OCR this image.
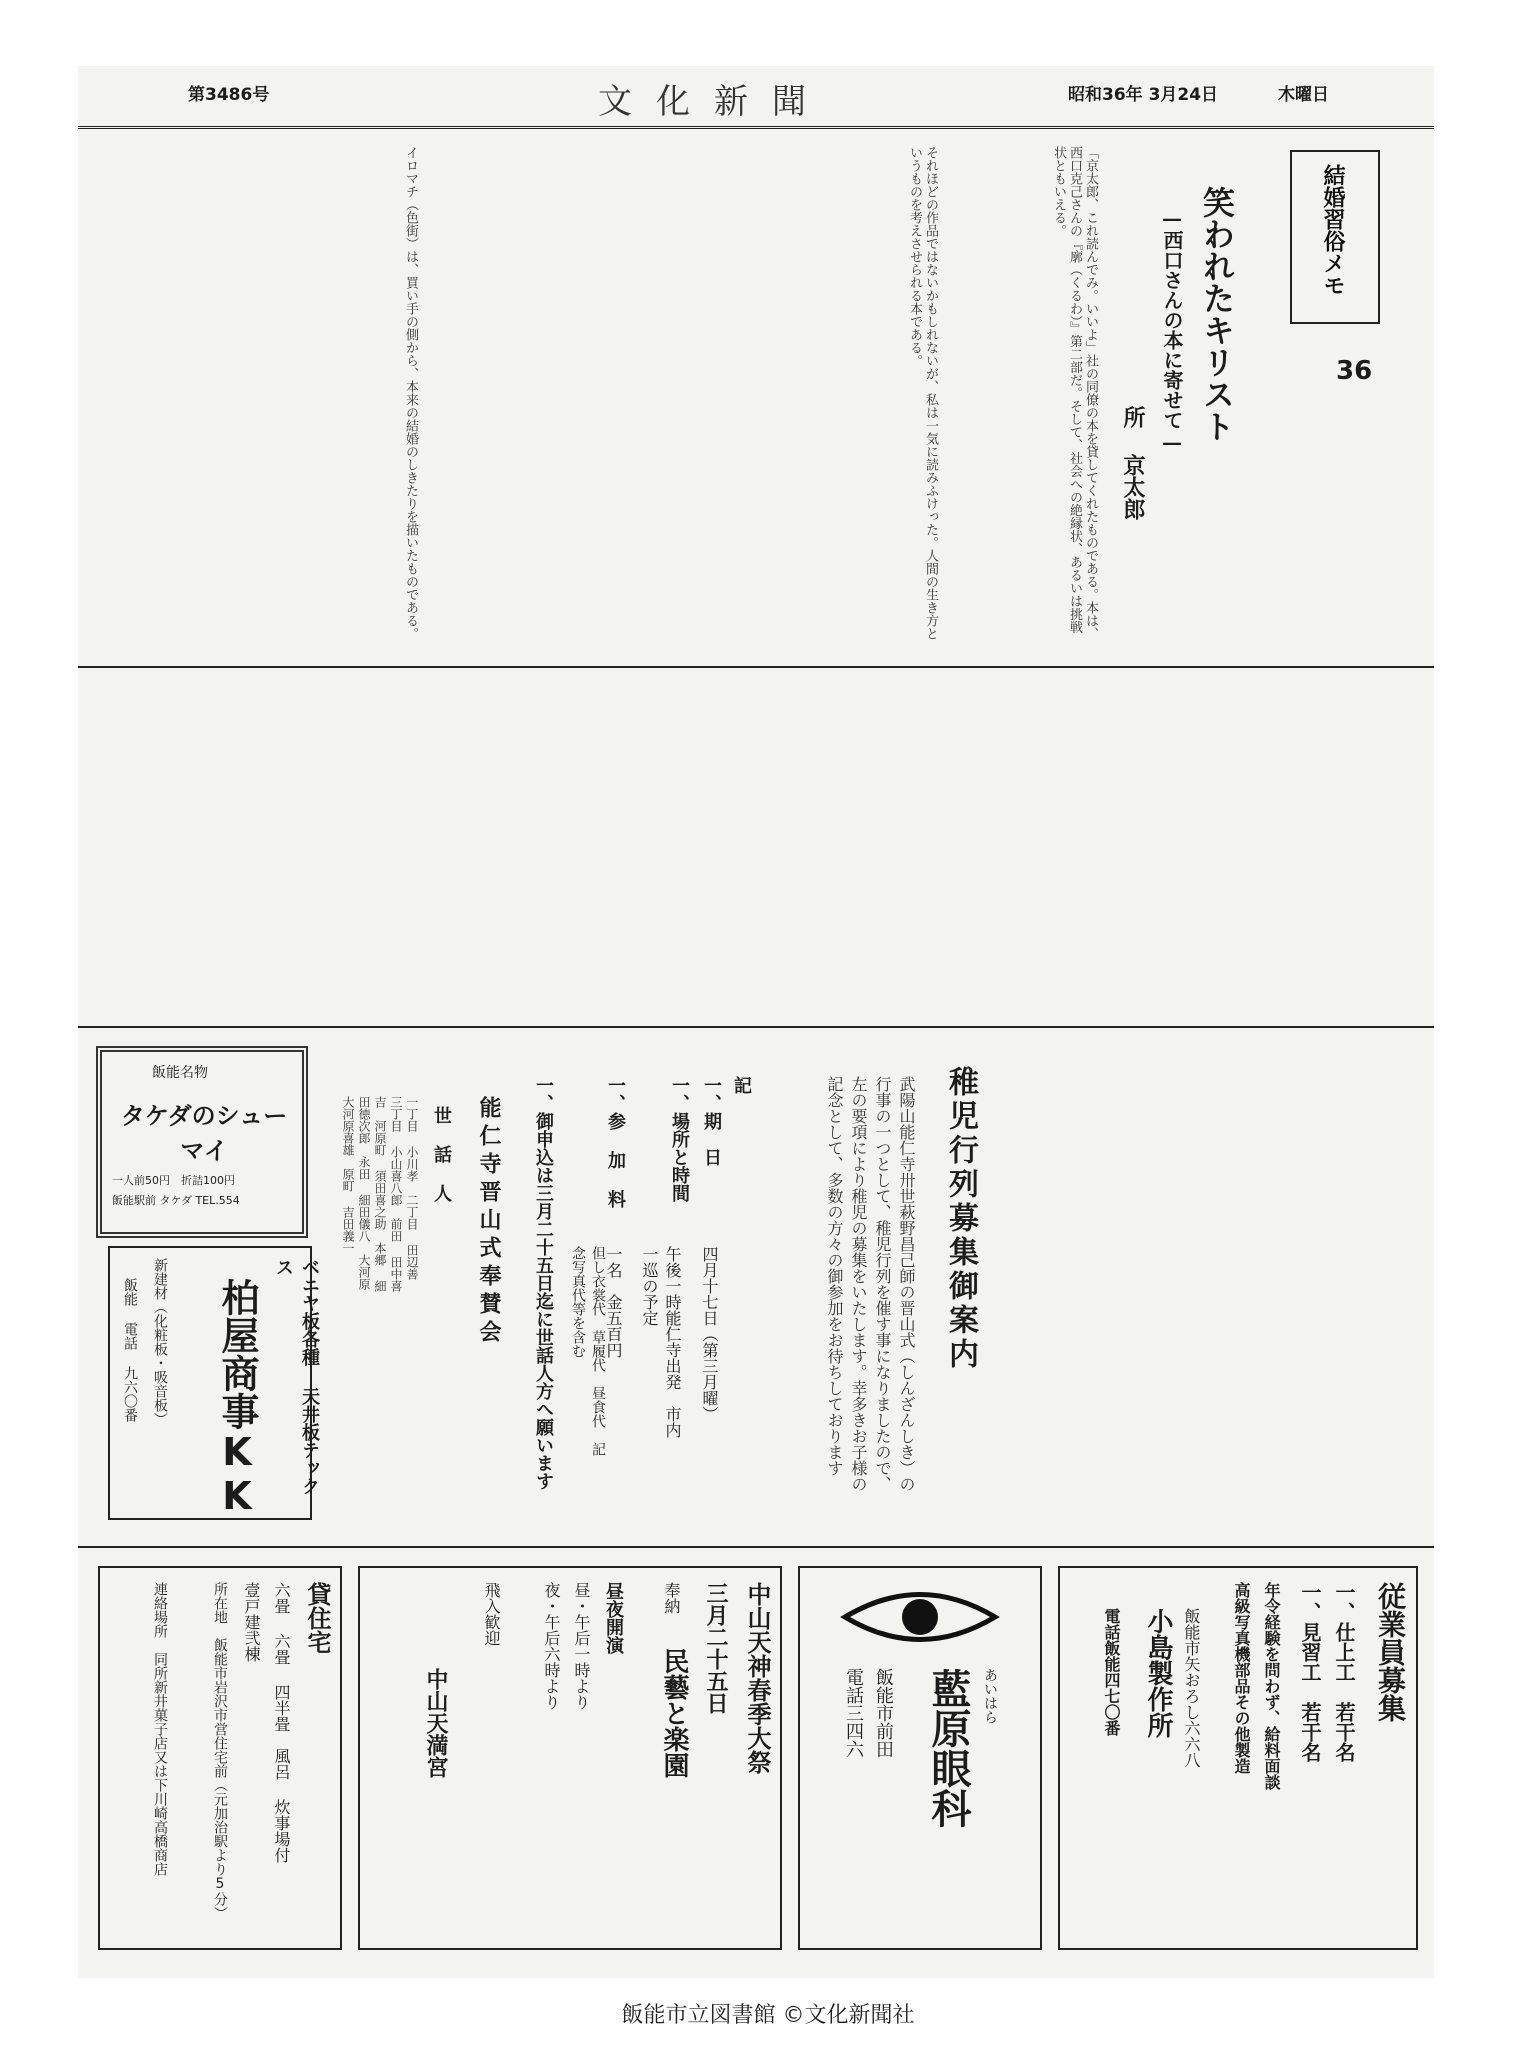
第3486号	文化新聞	昭和36年 3月24日	木曜日
結婚習俗メモ
36
笑われたキリスト
—西口さんの本に寄せて—
所 京太郎
「京太郎、これ読んでみ。いいよ」社の同僚の本を貸してくれたものである。本は、西口克己さんの『廓（くるわ）』第二部だ。そして、社会への絶縁状、あるいは挑戦状ともいえる。
それほどの作品ではないかもしれないが、私は一気に読みふけった。人間の生き方というものを考えさせられる本である。
イロマチ（色街）は、買い手の側から、本来の結婚のしきたりを描いたものである。
稚児行列募集御案内
武陽山能仁寺卅世萩野昌己師の晋山式（しんざんしき）の行事の一つとして、稚児行列を催す事になりましたので、左の要項により稚児の募集をいたします。幸多きお子様の記念として、多数の方々の御参加をお待ちしております
記
一、期　日
四月十七日（第三月曜）
一、場所と時間
午後一時能仁寺出発　市内一巡の予定
一、参 加 料
一名　金五百円
但し衣裳代　草履代　昼食代　記念写真代等を含む
一、御申込は三月二十五日迄に世話人方へ願います
能仁寺晋山式奉賛会
世 話 人
一丁目 小川孝　二丁目 田辺善　三丁目 小山喜八郎　前田 田中喜吉　河原町 須田喜之助　本郷 細田徳次郎　永田 細田儀八　大河原 大河原喜雄　原町 吉田義一
飯能名物
タケダのシューマイ
一人前50円　折詰100円
飯能駅前 タケダ TEL.554
ベニヤ板各種 天井板テックス
柏屋商事KK
新建材（化粧板・吸音板）
飯能 電話 九六〇番
貸住宅
六畳 六畳 四半畳　風呂 炊事場付
壹戸建弐棟
所在地　飯能市岩沢市営住宅前（元加治駅より5分）
連絡場所　同所新井菓子店又は下川崎高橋商店	中山天神春季大祭
三月二十五日
奉納
民藝と楽園
昼夜開演
昼・午后一時より
夜・午后六時より
飛入歓迎
中山天満宮	あいはら
藍原眼科
飯能市前田
電話三四六	従業員募集
一、仕上工　若干名
一、見習工　若干名
年令経験を問わず、給料面談
高級写真機部品その他製造
飯能市矢おろし六六八
小島製作所
電話飯能四七〇番
飯能市立図書館 ©文化新聞社
